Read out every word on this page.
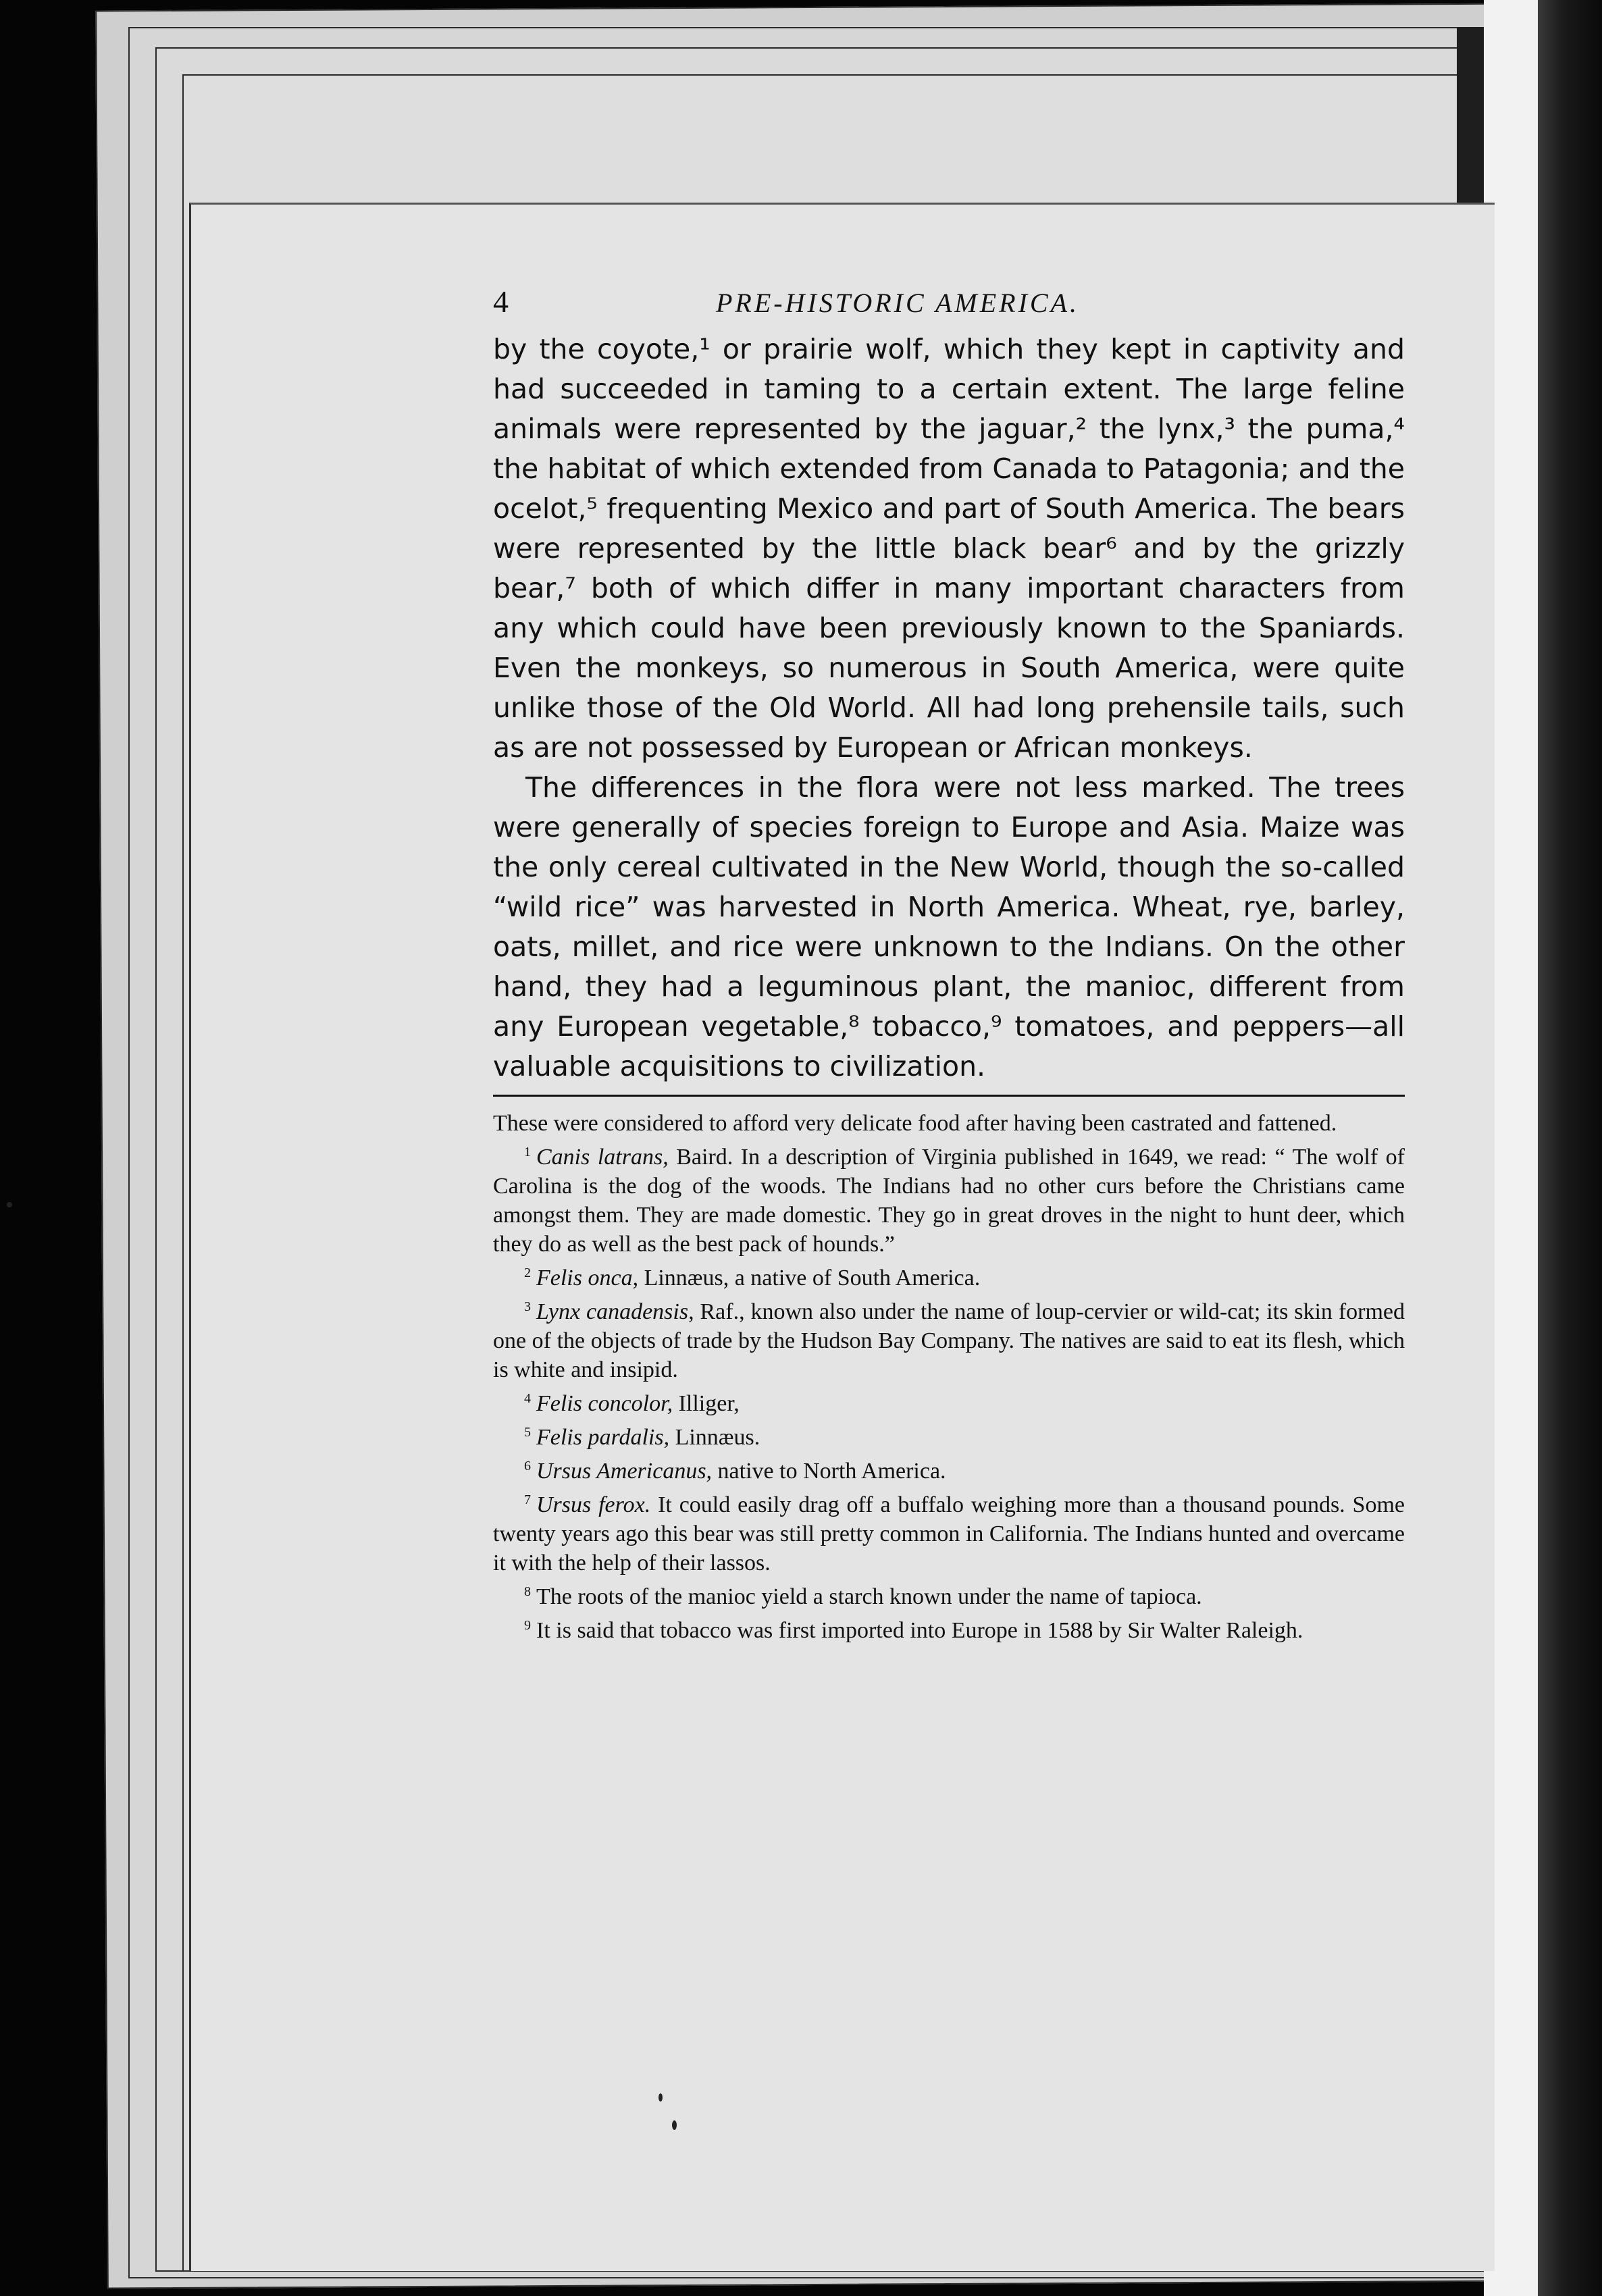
4	PRE-HISTORIC AMERICA.

by the coyote,¹ or prairie wolf, which they kept in captivity and had succeeded in taming to a certain extent. The large feline animals were represented by the jaguar,² the lynx,³ the puma,⁴ the habitat of which extended from Canada to Patagonia; and the ocelot,⁵ frequenting Mexico and part of South America. The bears were represented by the little black bear⁶ and by the grizzly bear,⁷ both of which differ in many important characters from any which could have been previously known to the Spaniards. Even the monkeys, so numerous in South America, were quite unlike those of the Old World. All had long prehensile tails, such as are not possessed by European or African monkeys.

The differences in the flora were not less marked. The trees were generally of species foreign to Europe and Asia. Maize was the only cereal cultivated in the New World, though the so-called “wild rice” was harvested in North America. Wheat, rye, barley, oats, millet, and rice were unknown to the Indians. On the other hand, they had a leguminous plant, the manioc, different from any European vegetable,⁸ tobacco,⁹ tomatoes, and peppers—all valuable acquisitions to civilization.

These were considered to afford very delicate food after having been castrated and fattened.

$^1$ Canis latrans, Baird. In a description of Virginia published in 1649, we read: “ The wolf of Carolina is the dog of the woods. The Indians had no other curs before the Christians came amongst them. They are made domestic. They go in great droves in the night to hunt deer, which they do as well as the best pack of hounds.”

$^2$ Felis onca, Linnæus, a native of South America.

$^3$ Lynx canadensis, Raf., known also under the name of loup-cervier or wild-cat; its skin formed one of the objects of trade by the Hudson Bay Company. The natives are said to eat its flesh, which is white and insipid.

$^4$ Felis concolor, Illiger,

$^5$ Felis pardalis, Linnæus.

$^6$ Ursus Americanus, native to North America.

$^7$ Ursus ferox. It could easily drag off a buffalo weighing more than a thousand pounds. Some twenty years ago this bear was still pretty common in California. The Indians hunted and overcame it with the help of their lassos.

$^8$ The roots of the manioc yield a starch known under the name of tapioca.

$^9$ It is said that tobacco was first imported into Europe in 1588 by Sir Walter Raleigh.
